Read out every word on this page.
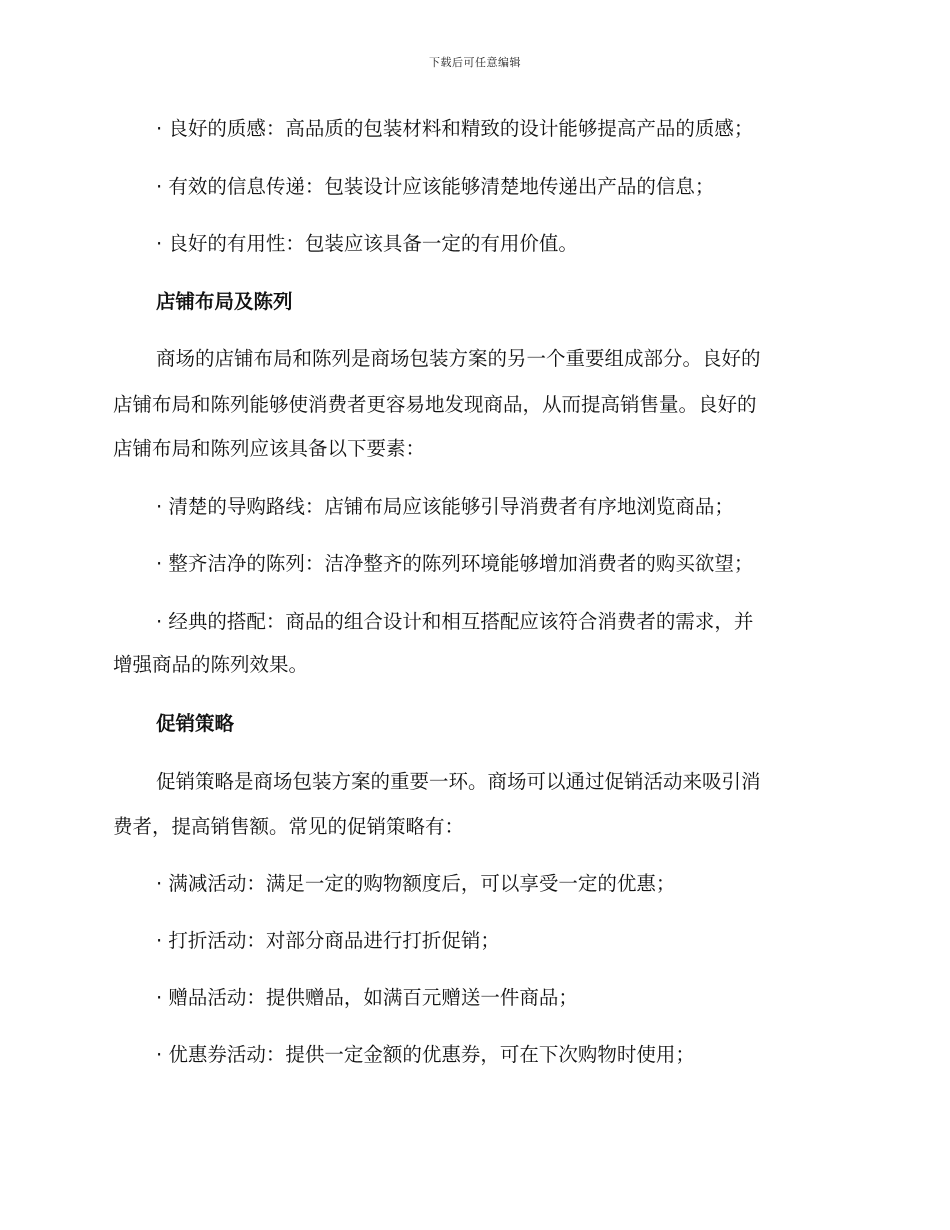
下载后可任意编辑
· 良好的质感：高品质的包装材料和精致的设计能够提高产品的质感；
· 有效的信息传递：包装设计应该能够清楚地传递出产品的信息；
· 良好的有用性：包装应该具备一定的有用价值。
店铺布局及陈列
商场的店铺布局和陈列是商场包装方案的另一个重要组成部分。良好的
店铺布局和陈列能够使消费者更容易地发现商品，从而提高销售量。良好的
店铺布局和陈列应该具备以下要素：
· 清楚的导购路线：店铺布局应该能够引导消费者有序地浏览商品；
· 整齐洁净的陈列：洁净整齐的陈列环境能够增加消费者的购买欲望；
· 经典的搭配：商品的组合设计和相互搭配应该符合消费者的需求，并
增强商品的陈列效果。
促销策略
促销策略是商场包装方案的重要一环。商场可以通过促销活动来吸引消
费者，提高销售额。常见的促销策略有：
· 满减活动：满足一定的购物额度后，可以享受一定的优惠；
· 打折活动：对部分商品进行打折促销；
· 赠品活动：提供赠品，如满百元赠送一件商品；
· 优惠券活动：提供一定金额的优惠券，可在下次购物时使用；
